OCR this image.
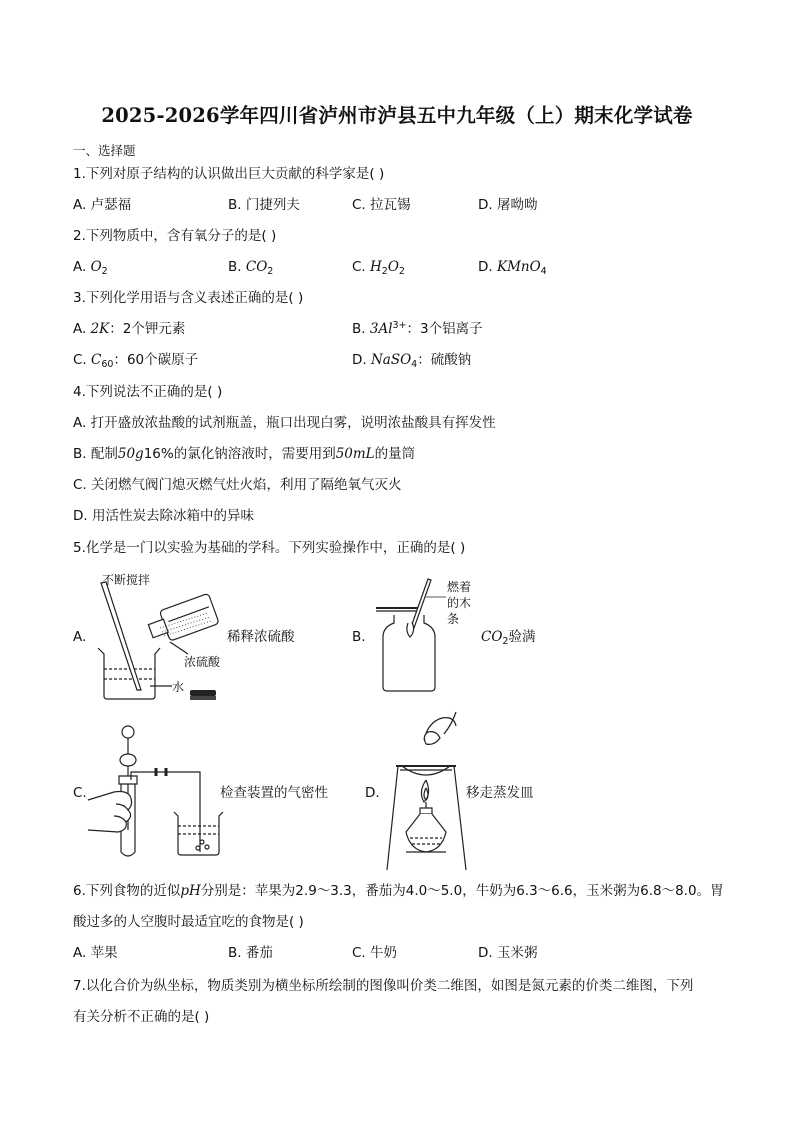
2025-2026学年四川省泸州市泸县五中九年级（上）期末化学试卷
一、选择题
1.下列对原子结构的认识做出巨大贡献的科学家是( )
A. 卢瑟福	B. 门捷列夫	C. 拉瓦锡	D. 屠呦呦
2.下列物质中，含有氧分子的是( )
A. $O_2$	B. $CO_2$	C. $H_2O_2$	D. KMnO$_4$
3.下列化学用语与含义表述正确的是( )
A. 2K：2个钾元素	B. $3Al^{3+}$：3个铝离子
C. $C_{60}$：60个碳原子	D. NaSO$_4$：硫酸钠
4.下列说法不正确的是( )
A. 打开盛放浓盐酸的试剂瓶盖，瓶口出现白雾，说明浓盐酸具有挥发性
B. 配制50g16%的氯化钠溶液时，需要用到50mL的量筒
C. 关闭燃气阀门熄灭燃气灶火焰，利用了隔绝氧气灭火
D. 用活性炭去除冰箱中的异味
5.化学是一门以实验为基础的学科。下列实验操作中，正确的是( )
A.
不断搅拌
浓硫酸
水
稀释浓硫酸	B.
燃着
的木
条
$CO_2$验满
C.	检查装置的气密性	D.	移走蒸发皿
6.下列食物的近似pH分别是：苹果为2.9～3.3，番茄为4.0～5.0，牛奶为6.3～6.6，玉米粥为6.8～8.0。胃
酸过多的人空腹时最适宜吃的食物是( )
A. 苹果	B. 番茄	C. 牛奶	D. 玉米粥
7.以化合价为纵坐标，物质类别为横坐标所绘制的图像叫价类二维图，如图是氮元素的价类二维图，下列
有关分析不正确的是( )
